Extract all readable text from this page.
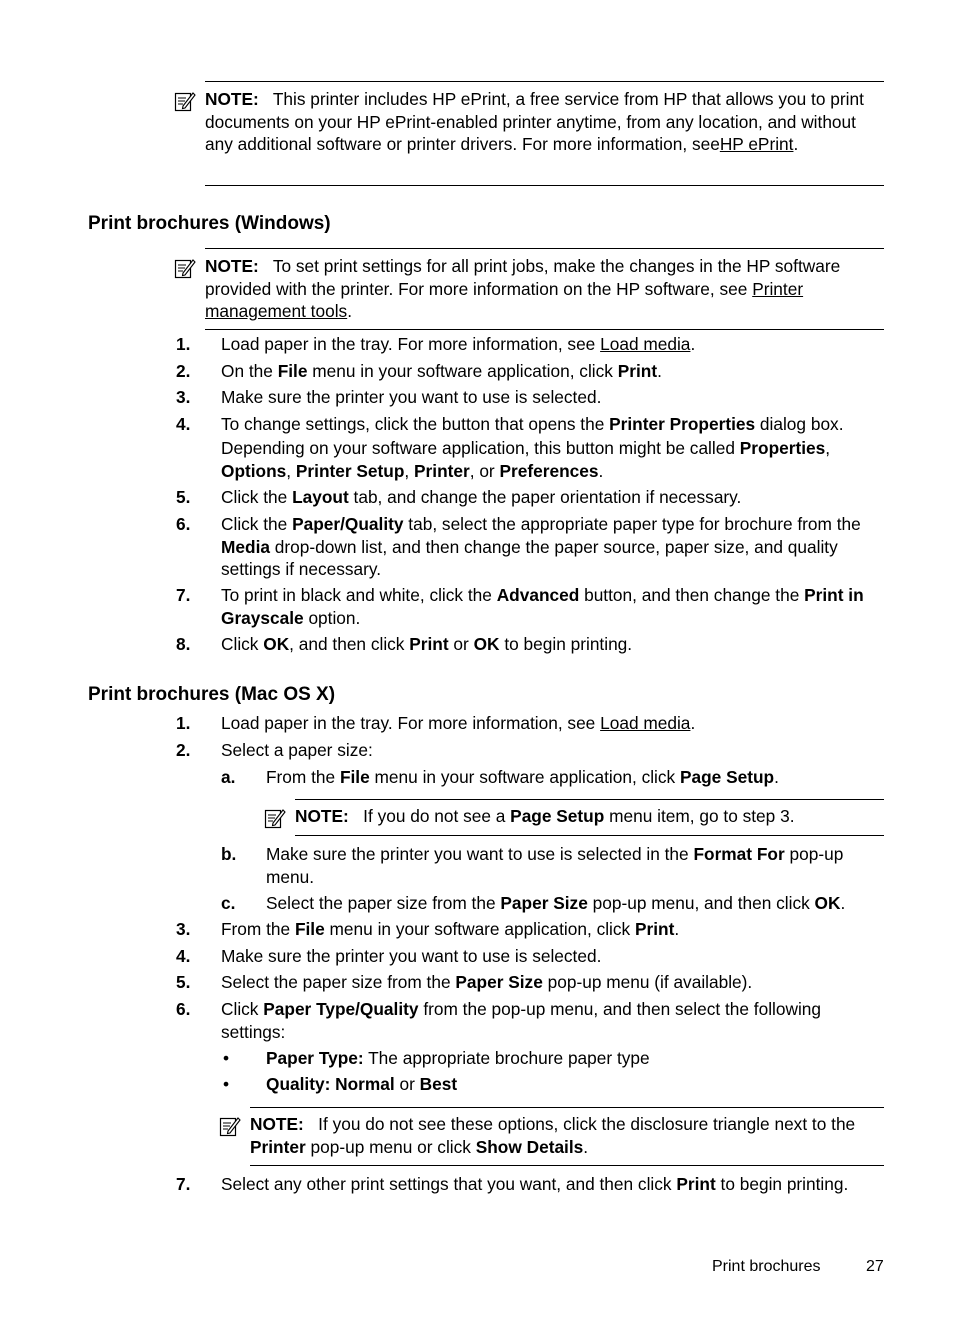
NOTE: This printer includes HP ePrint, a free service from HP that allows you to print documents on your HP ePrint-enabled printer anytime, from any location, and without any additional software or printer drivers. For more information, seeHP ePrint.

Print brochures (Windows)

NOTE: To set print settings for all print jobs, make the changes in the HP software provided with the printer. For more information on the HP software, see Printer management tools.

1. Load paper in the tray. For more information, see Load media.
2. On the File menu in your software application, click Print.
3. Make sure the printer you want to use is selected.
4. To change settings, click the button that opens the Printer Properties dialog box. Depending on your software application, this button might be called Properties, Options, Printer Setup, Printer, or Preferences.
5. Click the Layout tab, and change the paper orientation if necessary.
6. Click the Paper/Quality tab, select the appropriate paper type for brochure from the Media drop-down list, and then change the paper source, paper size, and quality settings if necessary.
7. To print in black and white, click the Advanced button, and then change the Print in Grayscale option.
8. Click OK, and then click Print or OK to begin printing.
Print brochures (Mac OS X)
1. Load paper in the tray. For more information, see Load media.
2. Select a paper size:
a. From the File menu in your software application, click Page Setup.

NOTE: If you do not see a Page Setup menu item, go to step 3.

b. Make sure the printer you want to use is selected in the Format For pop-up menu.
c. Select the paper size from the Paper Size pop-up menu, and then click OK.
3. From the File menu in your software application, click Print.
4. Make sure the printer you want to use is selected.
5. Select the paper size from the Paper Size pop-up menu (if available).
6. Click Paper Type/Quality from the pop-up menu, and then select the following settings:
• Paper Type: The appropriate brochure paper type
• Quality: Normal or Best

NOTE: If you do not see these options, click the disclosure triangle next to the Printer pop-up menu or click Show Details.

7. Select any other print settings that you want, and then click Print to begin printing.
Print brochures	27
